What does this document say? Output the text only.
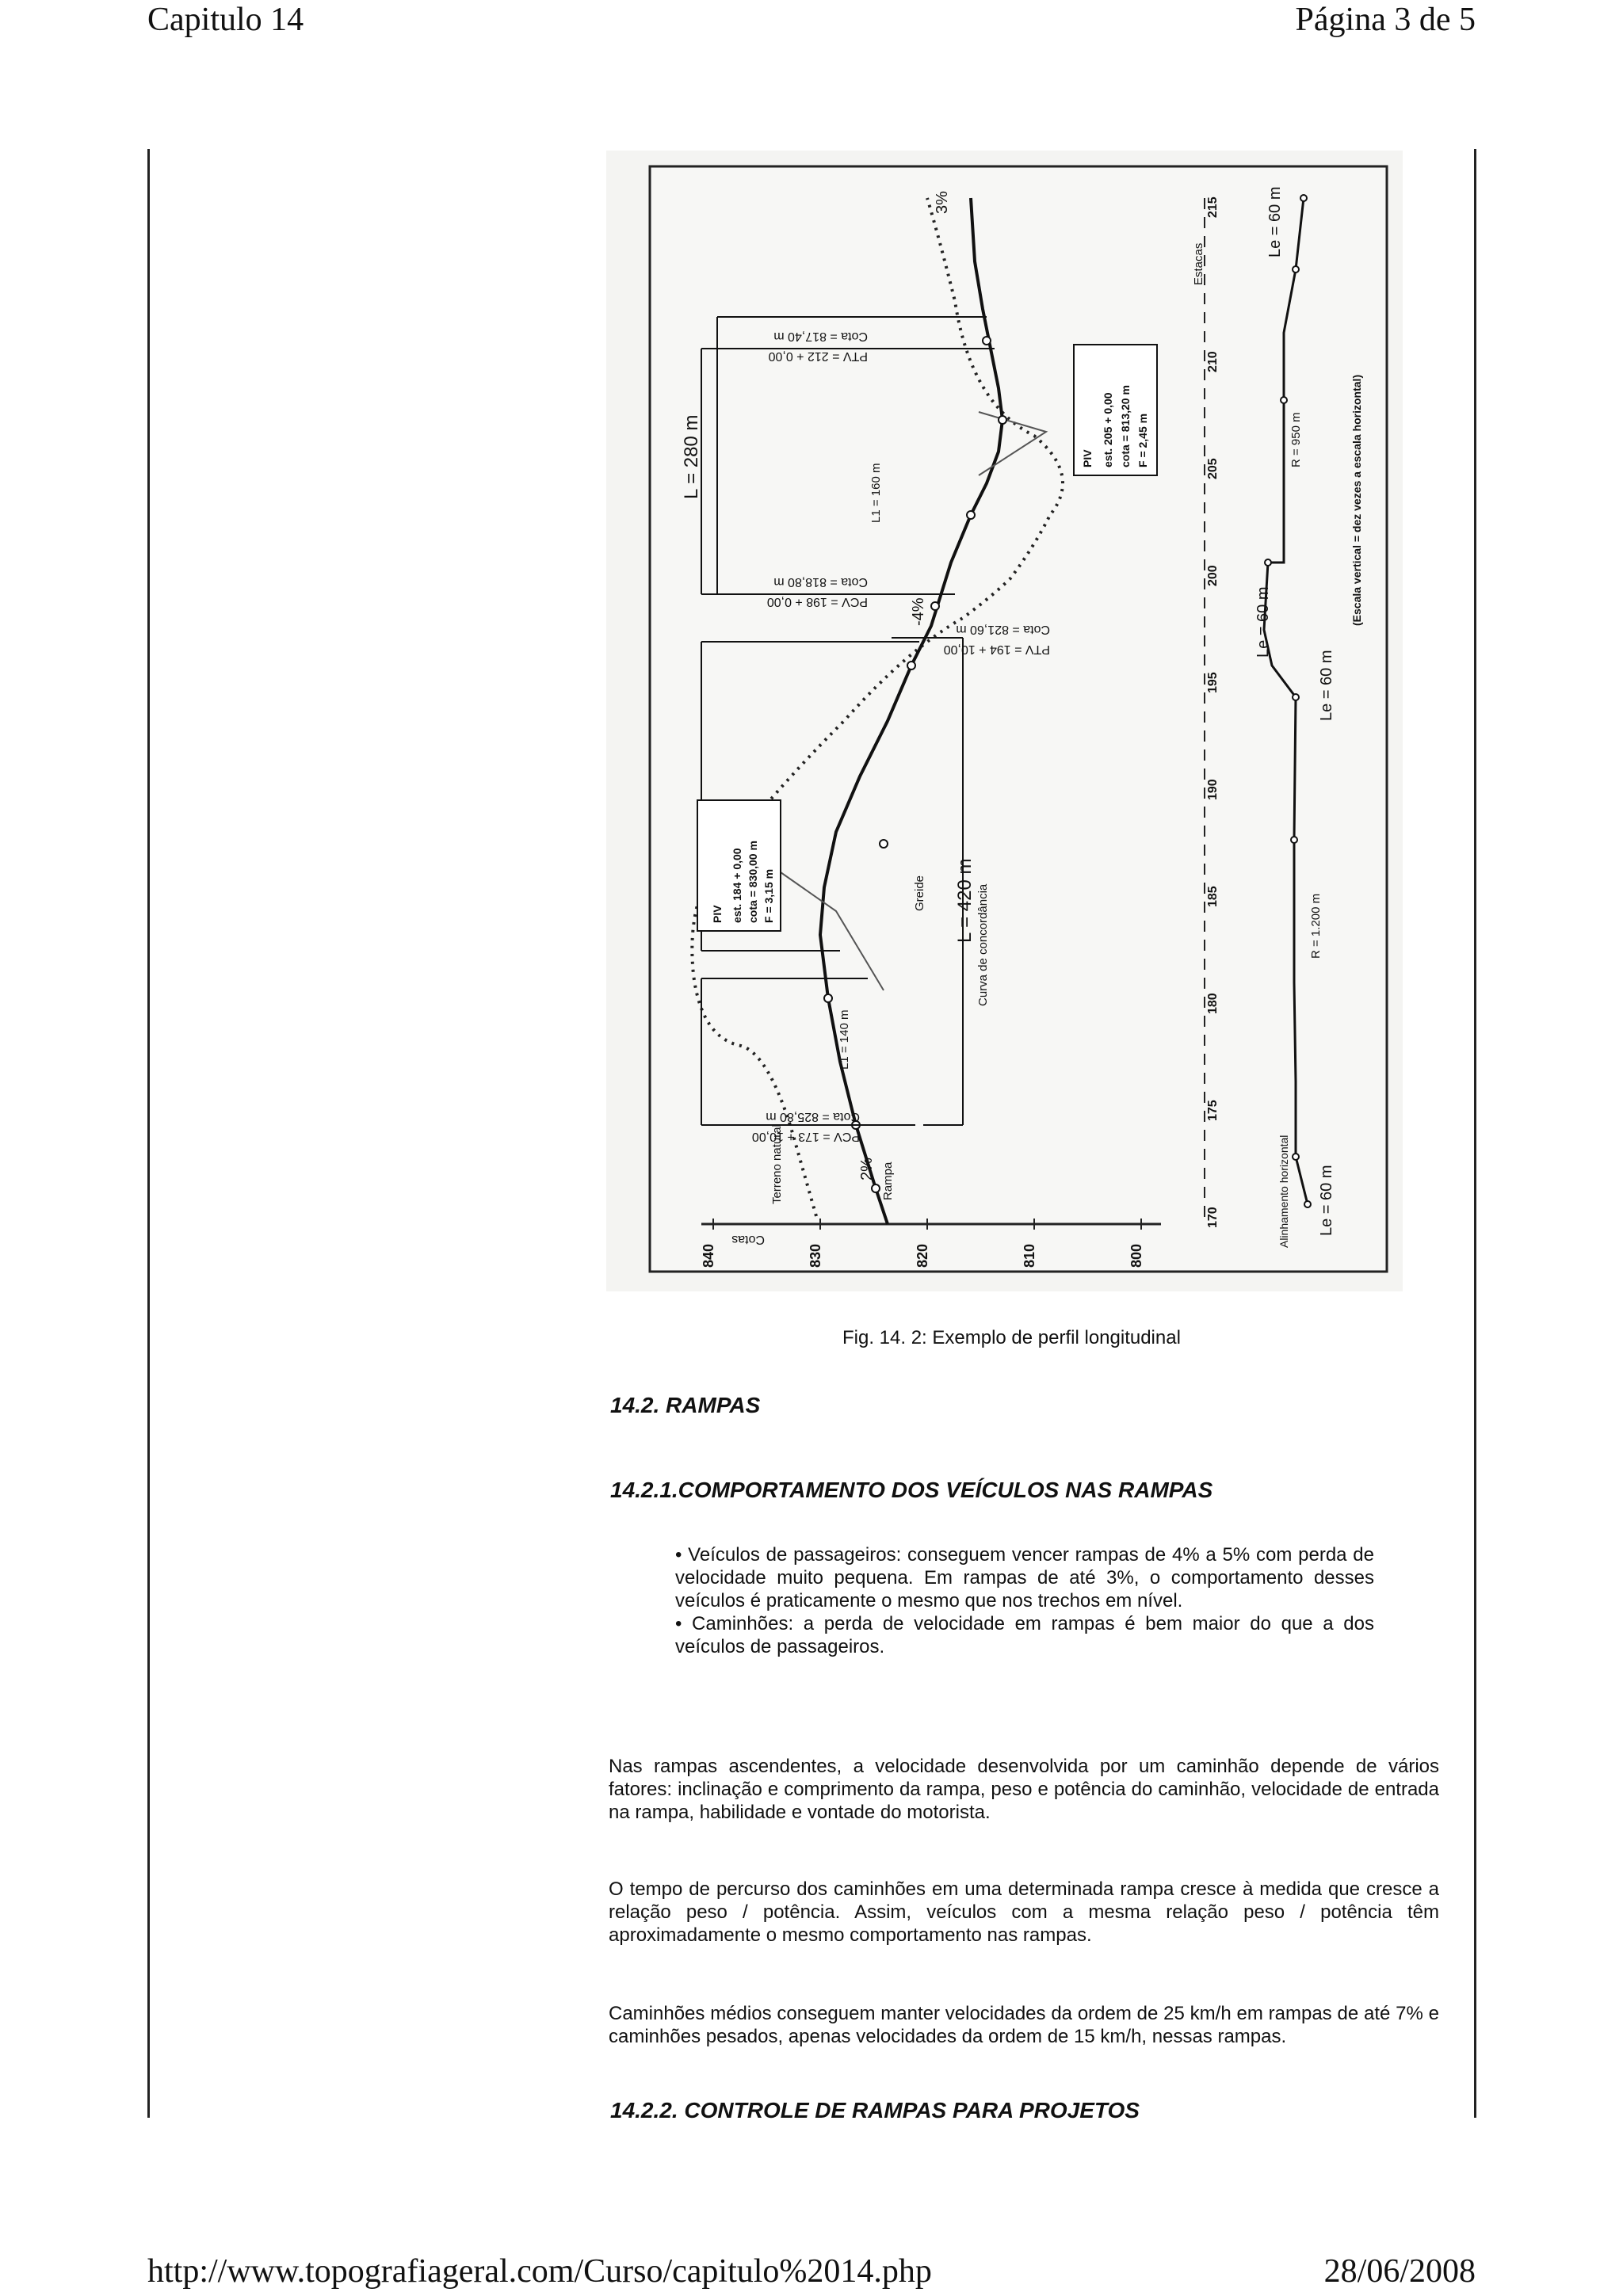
Capitulo 14	Página 3 de 5
840	830	820	810	800
Cotas
170
175
180
185
190
195
200
205
210
215
Estacas
PCV = 173 + 10,00
Cota = 825,80 m
PTV = 194 + 10,00
Cota = 821,60 m
PCV = 198 + 0,00
Cota = 818,80 m
PTV = 212 + 0,00
Cota = 817,40 m
L = 420 m Curva de concordância
L = 280 m
L1 = 140 m
L1 = 160 m
PIV est. 184 + 0,00 cota = 830,00 m F = 3,15 m
PIV est. 205 + 0,00 cota = 813,20 m F = 2,45 m
Terreno natural	Rampa
2%
-4%
3%
Greide
Le = 60 m
R = 1.200 m
Le = 60 m
Le = 60 m
R = 950 m
Le = 60 m
Alinhamento horizontal
(Escala vertical = dez vezes a escala horizontal)
Fig. 14. 2: Exemplo de perfil longitudinal
14.2. RAMPAS
14.2.1.COMPORTAMENTO DOS VEÍCULOS NAS RAMPAS

• Veículos de passageiros: conseguem vencer rampas de 4% a 5% com perda de velocidade muito pequena. Em rampas de até 3%, o comportamento desses veículos é praticamente o mesmo que nos trechos em nível.

• Caminhões: a perda de velocidade em rampas é bem maior do que a dos veículos de passageiros.

Nas rampas ascendentes, a velocidade desenvolvida por um caminhão depende de vários fatores: inclinação e comprimento da rampa, peso e potência do caminhão, velocidade de entrada na rampa, habilidade e vontade do motorista.

O tempo de percurso dos caminhões em uma determinada rampa cresce à medida que cresce a relação peso / potência. Assim, veículos com a mesma relação peso / potência têm aproximadamente o mesmo comportamento nas rampas.

Caminhões médios conseguem manter velocidades da ordem de 25 km/h em rampas de até 7% e caminhões pesados, apenas velocidades da ordem de 15 km/h, nessas rampas.

14.2.2. CONTROLE DE RAMPAS PARA PROJETOS
http://www.topografiageral.com/Curso/capitulo%2014.php	28/06/2008
